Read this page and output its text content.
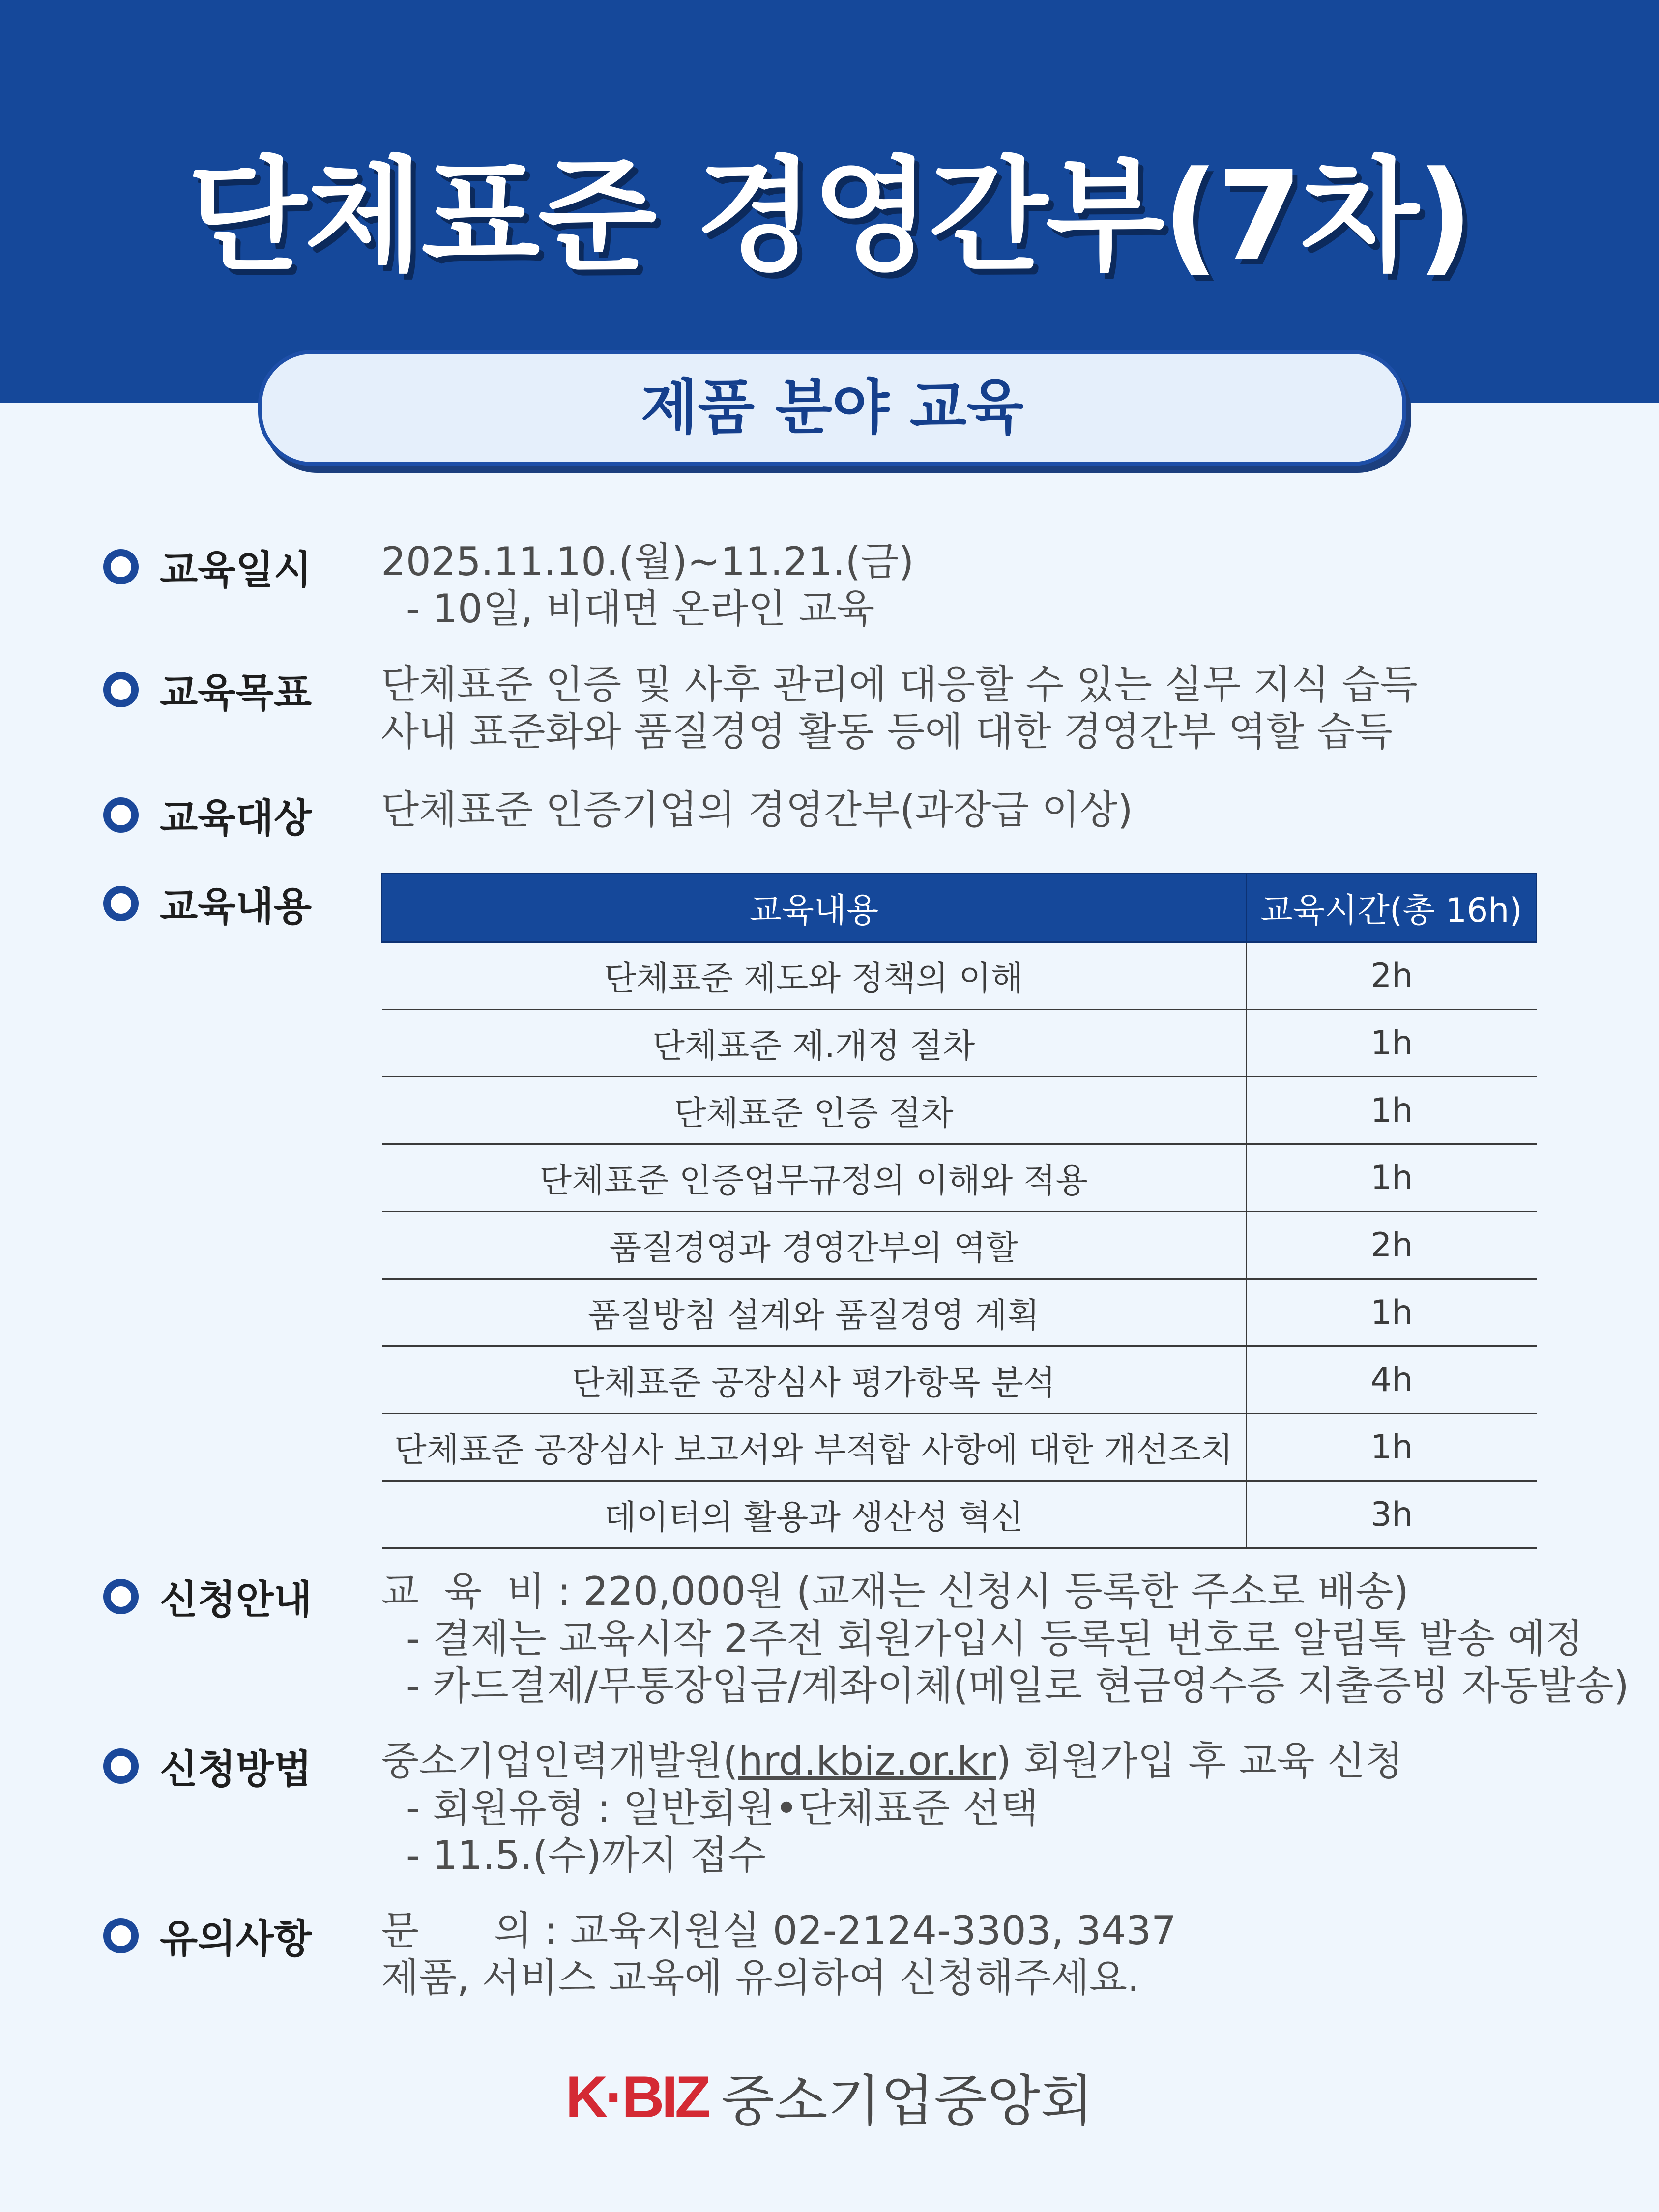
단체표준 경영간부(7차)
제품 분야 교육
교육일시	2025.11.10.(월)~11.21.(금)
- 10일, 비대면 온라인 교육
교육목표	단체표준 인증 및 사후 관리에 대응할 수 있는 실무 지식 습득
사내 표준화와 품질경영 활동 등에 대한 경영간부 역할 습득
교육대상	단체표준 인증기업의 경영간부(과장급 이상)
교육내용	교육내용	교육시간(총 16h)
단체표준 제도와 정책의 이해	2h
단체표준 제.개정 절차	1h
단체표준 인증 절차	1h
단체표준 인증업무규정의 이해와 적용	1h
품질경영과 경영간부의 역할	2h
품질방침 설계와 품질경영 계획	1h
단체표준 공장심사 평가항목 분석	4h
단체표준 공장심사 보고서와 부적합 사항에 대한 개선조치	1h
데이터의 활용과 생산성 혁신	3h
신청안내	교  육  비 : 220,000원 (교재는 신청시 등록한 주소로 배송)
- 결제는 교육시작 2주전 회원가입시 등록된 번호로 알림톡 발송 예정
- 카드결제/무통장입금/계좌이체(메일로 현금영수증 지출증빙 자동발송)
신청방법	중소기업인력개발원(hrd.kbiz.or.kr) 회원가입 후 교육 신청
- 회원유형 : 일반회원•단체표준 선택
- 11.5.(수)까지 접수
유의사항	문      의 : 교육지원실 02-2124-3303, 3437
제품, 서비스 교육에 유의하여 신청해주세요.
K·BIZ 중소기업중앙회
